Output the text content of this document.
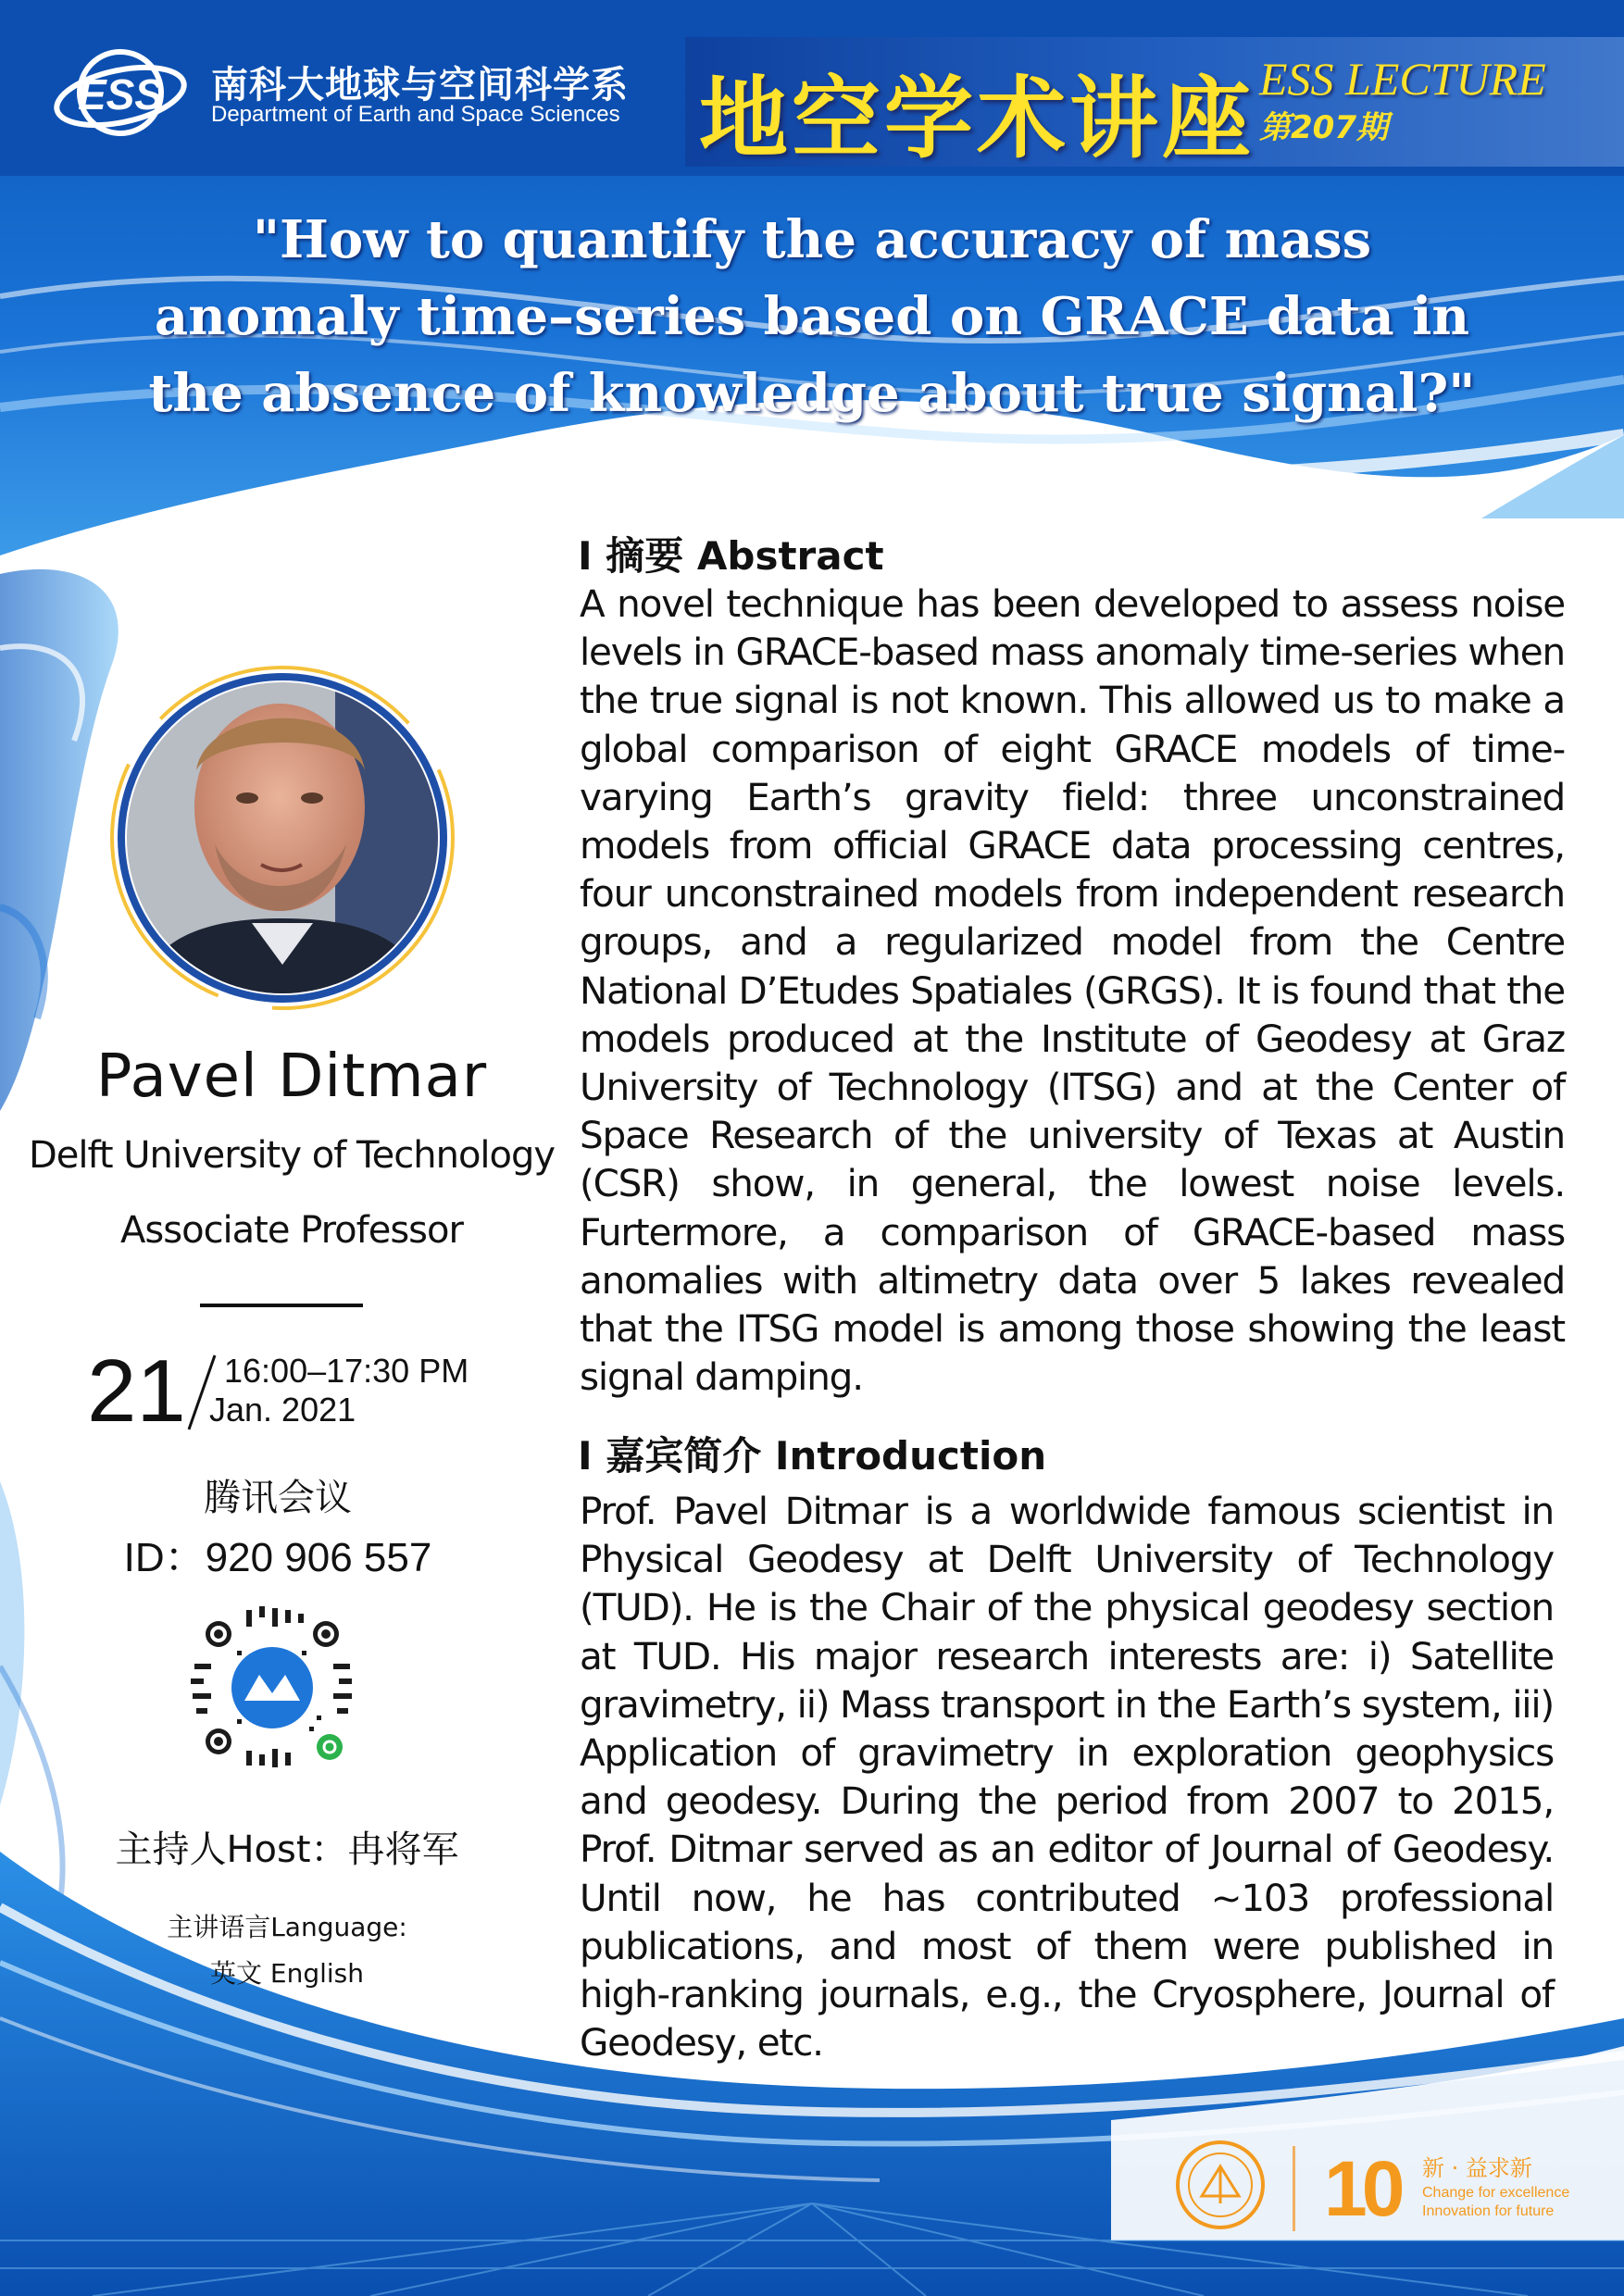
ESS 南科大地球与空间科学系
Department of Earth and Space Sciences 地空学术讲座 ESS LECTURE
第207期
"How to quantify the accuracy of mass
anomaly time–series based on GRACE data in
the absence of knowledge about true signal?"
Pavel Ditmar
Delft University of Technology
Associate Professor
21 16:00–17:30 PM
Jan. 2021
腾讯会议
ID：920 906 557
主持人Host：冉将军
主讲语言Language:
英文 English
I 摘要 Abstract
A novel technique has been developed to assess noise levels in GRACE-based mass anomaly time-series when the true signal is not known. This allowed us to make a global comparison of eight GRACE models of time-varying Earth’s gravity field: three unconstrained models from official GRACE data processing centres, four unconstrained models from independent research groups, and a regularized model from the Centre National D’Etudes Spatiales (GRGS). It is found that the models produced at the Institute of Geodesy at Graz University of Technology (ITSG) and at the Center of Space Research of the university of Texas at Austin (CSR) show, in general, the lowest noise levels. Furtermore, a comparison of GRACE-based mass anomalies with altimetry data over 5 lakes revealed that the ITSG model is among those showing the least signal damping.
I 嘉宾简介 Introduction
Prof. Pavel Ditmar is a worldwide famous scientist in Physical Geodesy at Delft University of Technology (TUD). He is the Chair of the physical geodesy section at TUD. His major research interests are: i) Satellite gravimetry, ii) Mass transport in the Earth’s system, iii) Application of gravimetry in exploration geophysics and geodesy. During the period from 2007 to 2015, Prof. Ditmar served as an editor of Journal of Geodesy. Until now, he has contributed ~103 professional publications, and most of them were published in high-ranking journals, e.g., the Cryosphere, Journal of Geodesy, etc.
10 新 · 益求新
Change for excellence
Innovation for future
